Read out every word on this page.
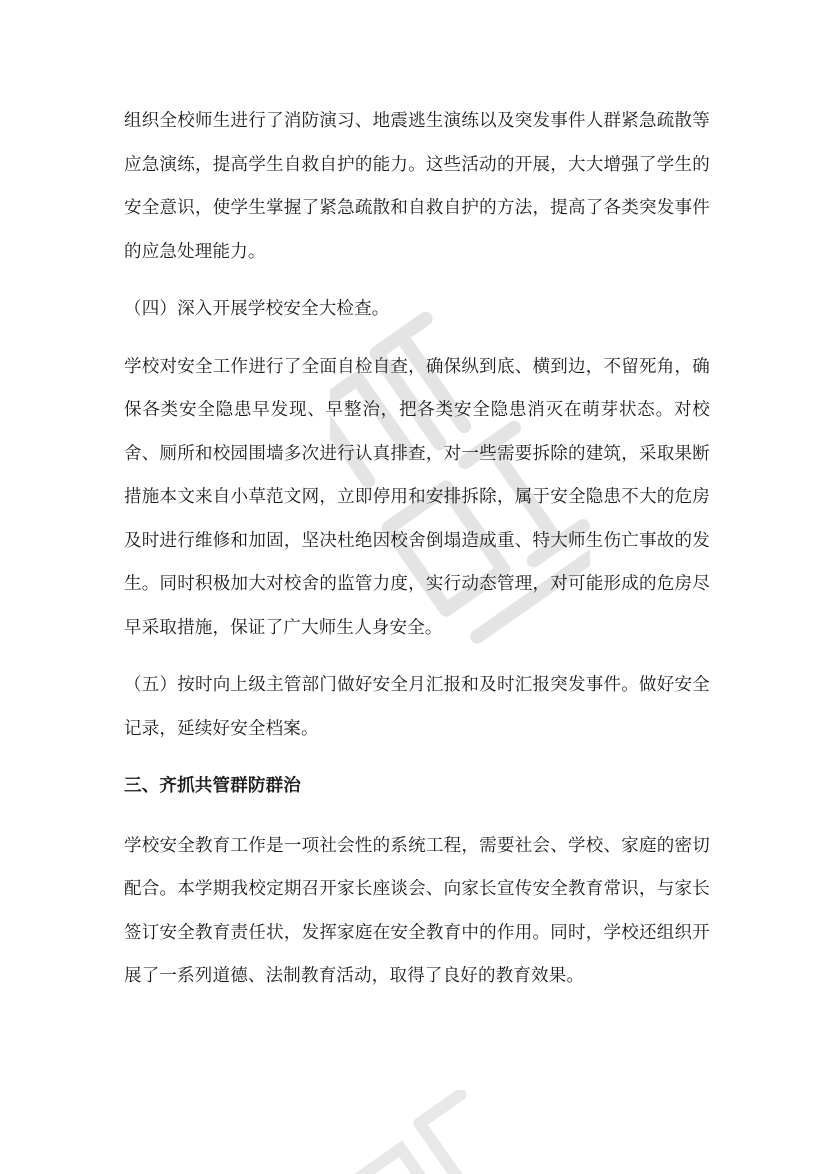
组织全校师生进行了消防演习、地震逃生演练以及突发事件人群紧急疏散等应急演练，提高学生自救自护的能力。这些活动的开展，大大增强了学生的安全意识，使学生掌握了紧急疏散和自救自护的方法，提高了各类突发事件的应急处理能力。

（四）深入开展学校安全大检查。

学校对安全工作进行了全面自检自查，确保纵到底、横到边，不留死角，确保各类安全隐患早发现、早整治，把各类安全隐患消灭在萌芽状态。对校舍、厕所和校园围墙多次进行认真排查，对一些需要拆除的建筑，采取果断措施本文来自小草范文网，立即停用和安排拆除，属于安全隐患不大的危房及时进行维修和加固，坚决杜绝因校舍倒塌造成重、特大师生伤亡事故的发生。同时积极加大对校舍的监管力度，实行动态管理，对可能形成的危房尽早采取措施，保证了广大师生人身安全。

（五）按时向上级主管部门做好安全月汇报和及时汇报突发事件。做好安全记录，延续好安全档案。

三、齐抓共管群防群治

学校安全教育工作是一项社会性的系统工程，需要社会、学校、家庭的密切配合。本学期我校定期召开家长座谈会、向家长宣传安全教育常识，与家长签订安全教育责任状，发挥家庭在安全教育中的作用。同时，学校还组织开展了一系列道德、法制教育活动，取得了良好的教育效果。
